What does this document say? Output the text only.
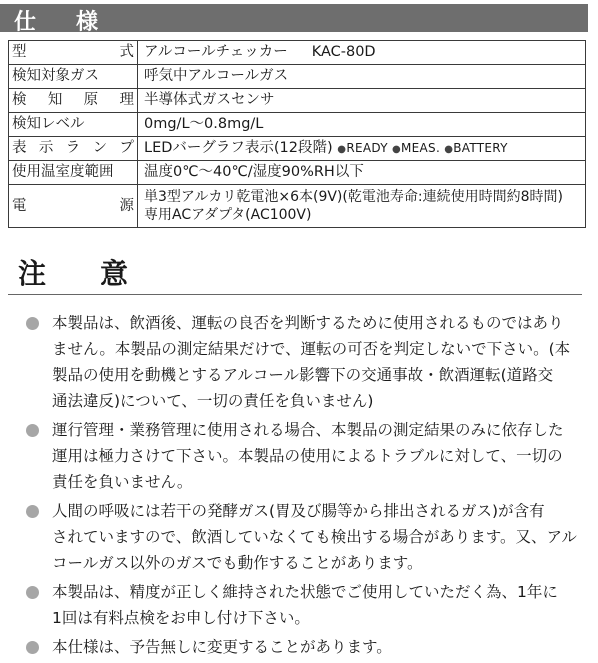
仕様
型 式	アルコールチェッカー KAC-80D
検知対象ガス	呼気中アルコールガス

検 知 原 理	半導体式ガスセンサ
検知レベル	0mg/L～0.8mg/L

表 示 ラ ン プ	LEDバーグラフ表示(12段階) ●READY ●MEAS. ●BATTERY
使用温室度範囲	温度0℃～40℃/湿度90%RH以下

電 源	単3型アルカリ乾電池×6本(9V)(乾電池寿命:連続使用時間約8時間)
専用ACアダプタ(AC100V)
注意
本製品は、飲酒後、運転の良否を判断するために使用されるものではあり
ません。本製品の測定結果だけで、運転の可否を判定しないで下さい。(本
製品の使用を動機とするアルコール影響下の交通事故・飲酒運転(道路交
通法違反)について、一切の責任を負いません)
運行管理・業務管理に使用される場合、本製品の測定結果のみに依存した
運用は極力さけて下さい。本製品の使用によるトラブルに対して、一切の
責任を負いません。
人間の呼吸には若干の発酵ガス(胃及び腸等から排出されるガス)が含有
されていますので、飲酒していなくても検出する場合があります。又、アル
コールガス以外のガスでも動作することがあります。
本製品は、精度が正しく維持された状態でご使用していただく為、1年に
1回は有料点検をお申し付け下さい。
本仕様は、予告無しに変更することがあります。
